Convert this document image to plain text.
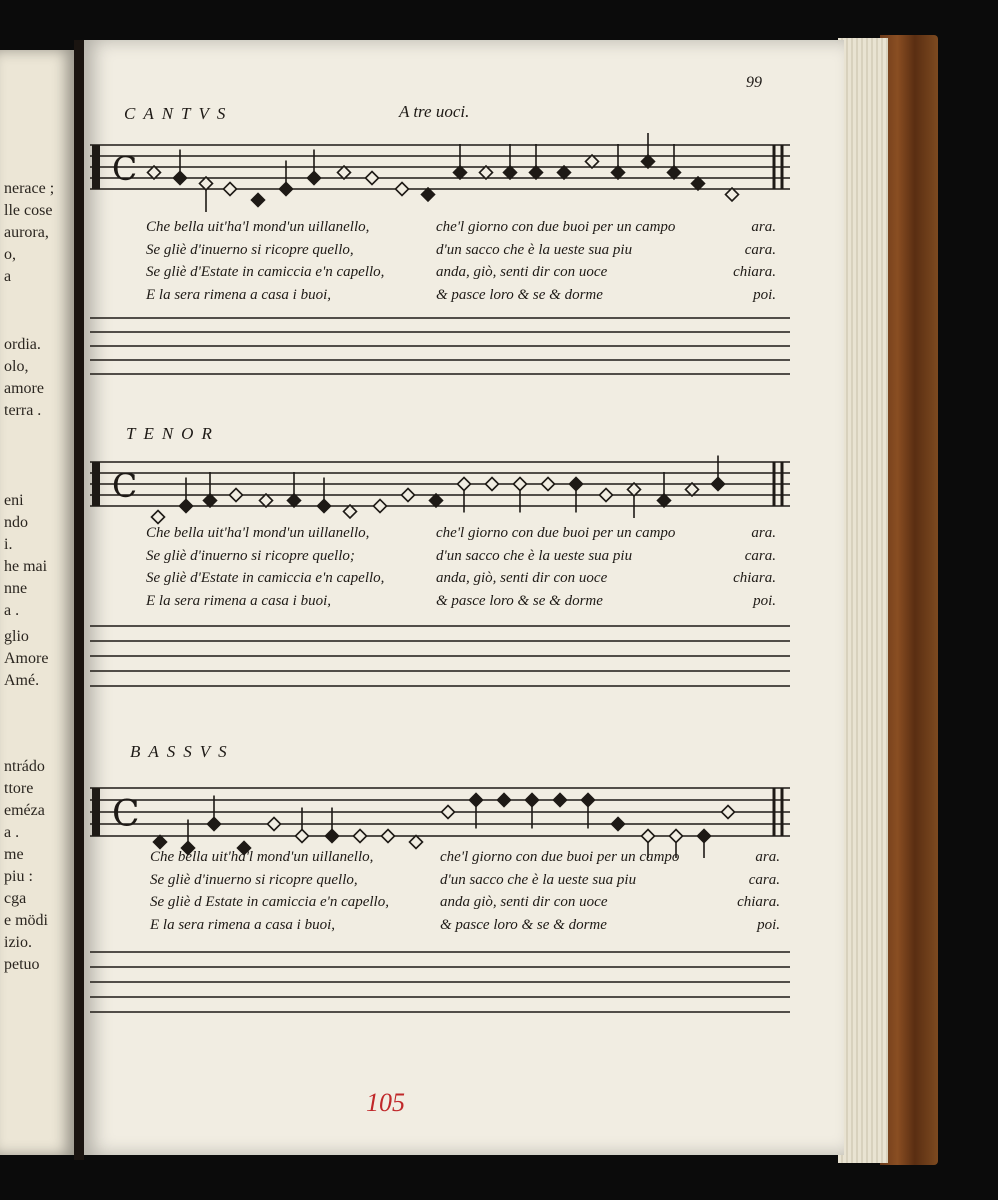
nerace ;
lle cose
aurora,
o,
a
ordia.
olo,
amore
terra .
eni
ndo
i.
he mai
nne
a .
glio
Amore
Amé.
ntrádo
ttore
eméza
a .
me
piu :
cga
e mödi
izio.
petuo
99
CANTVS	A tre uoci.
C
Che bella uit'ha'l mond'un uillanello,	che'l giorno con due buoi per un campo	ara.
Se gliè d'inuerno si ricopre quello,	d'un sacco che è la ueste sua piu	cara.
Se gliè d'Estate in camiccia e'n capello,	anda, giò, senti dir con uoce	chiara.
E la sera rimena a casa i buoi,	& pasce loro & se & dorme	poi.
TENOR
C
Che bella uit'ha'l mond'un uillanello,	che'l giorno con due buoi per un campo	ara.
Se gliè d'inuerno si ricopre quello;	d'un sacco che è la ueste sua piu	cara.
Se gliè d'Estate in camiccia e'n capello,	anda, giò, senti dir con uoce	chiara.
E la sera rimena a casa i buoi,	& pasce loro & se & dorme	poi.
BASSVS
C
Che bella uit'ha'l mond'un uillanello,	che'l giorno con due buoi per un campo	ara.
Se gliè d'inuerno si ricopre quello,	d'un sacco che è la ueste sua piu	cara.
Se gliè d Estate in camiccia e'n capello,	anda giò, senti dir con uoce	chiara.
E la sera rimena a casa i buoi,	& pasce loro & se & dorme	poi.
105
